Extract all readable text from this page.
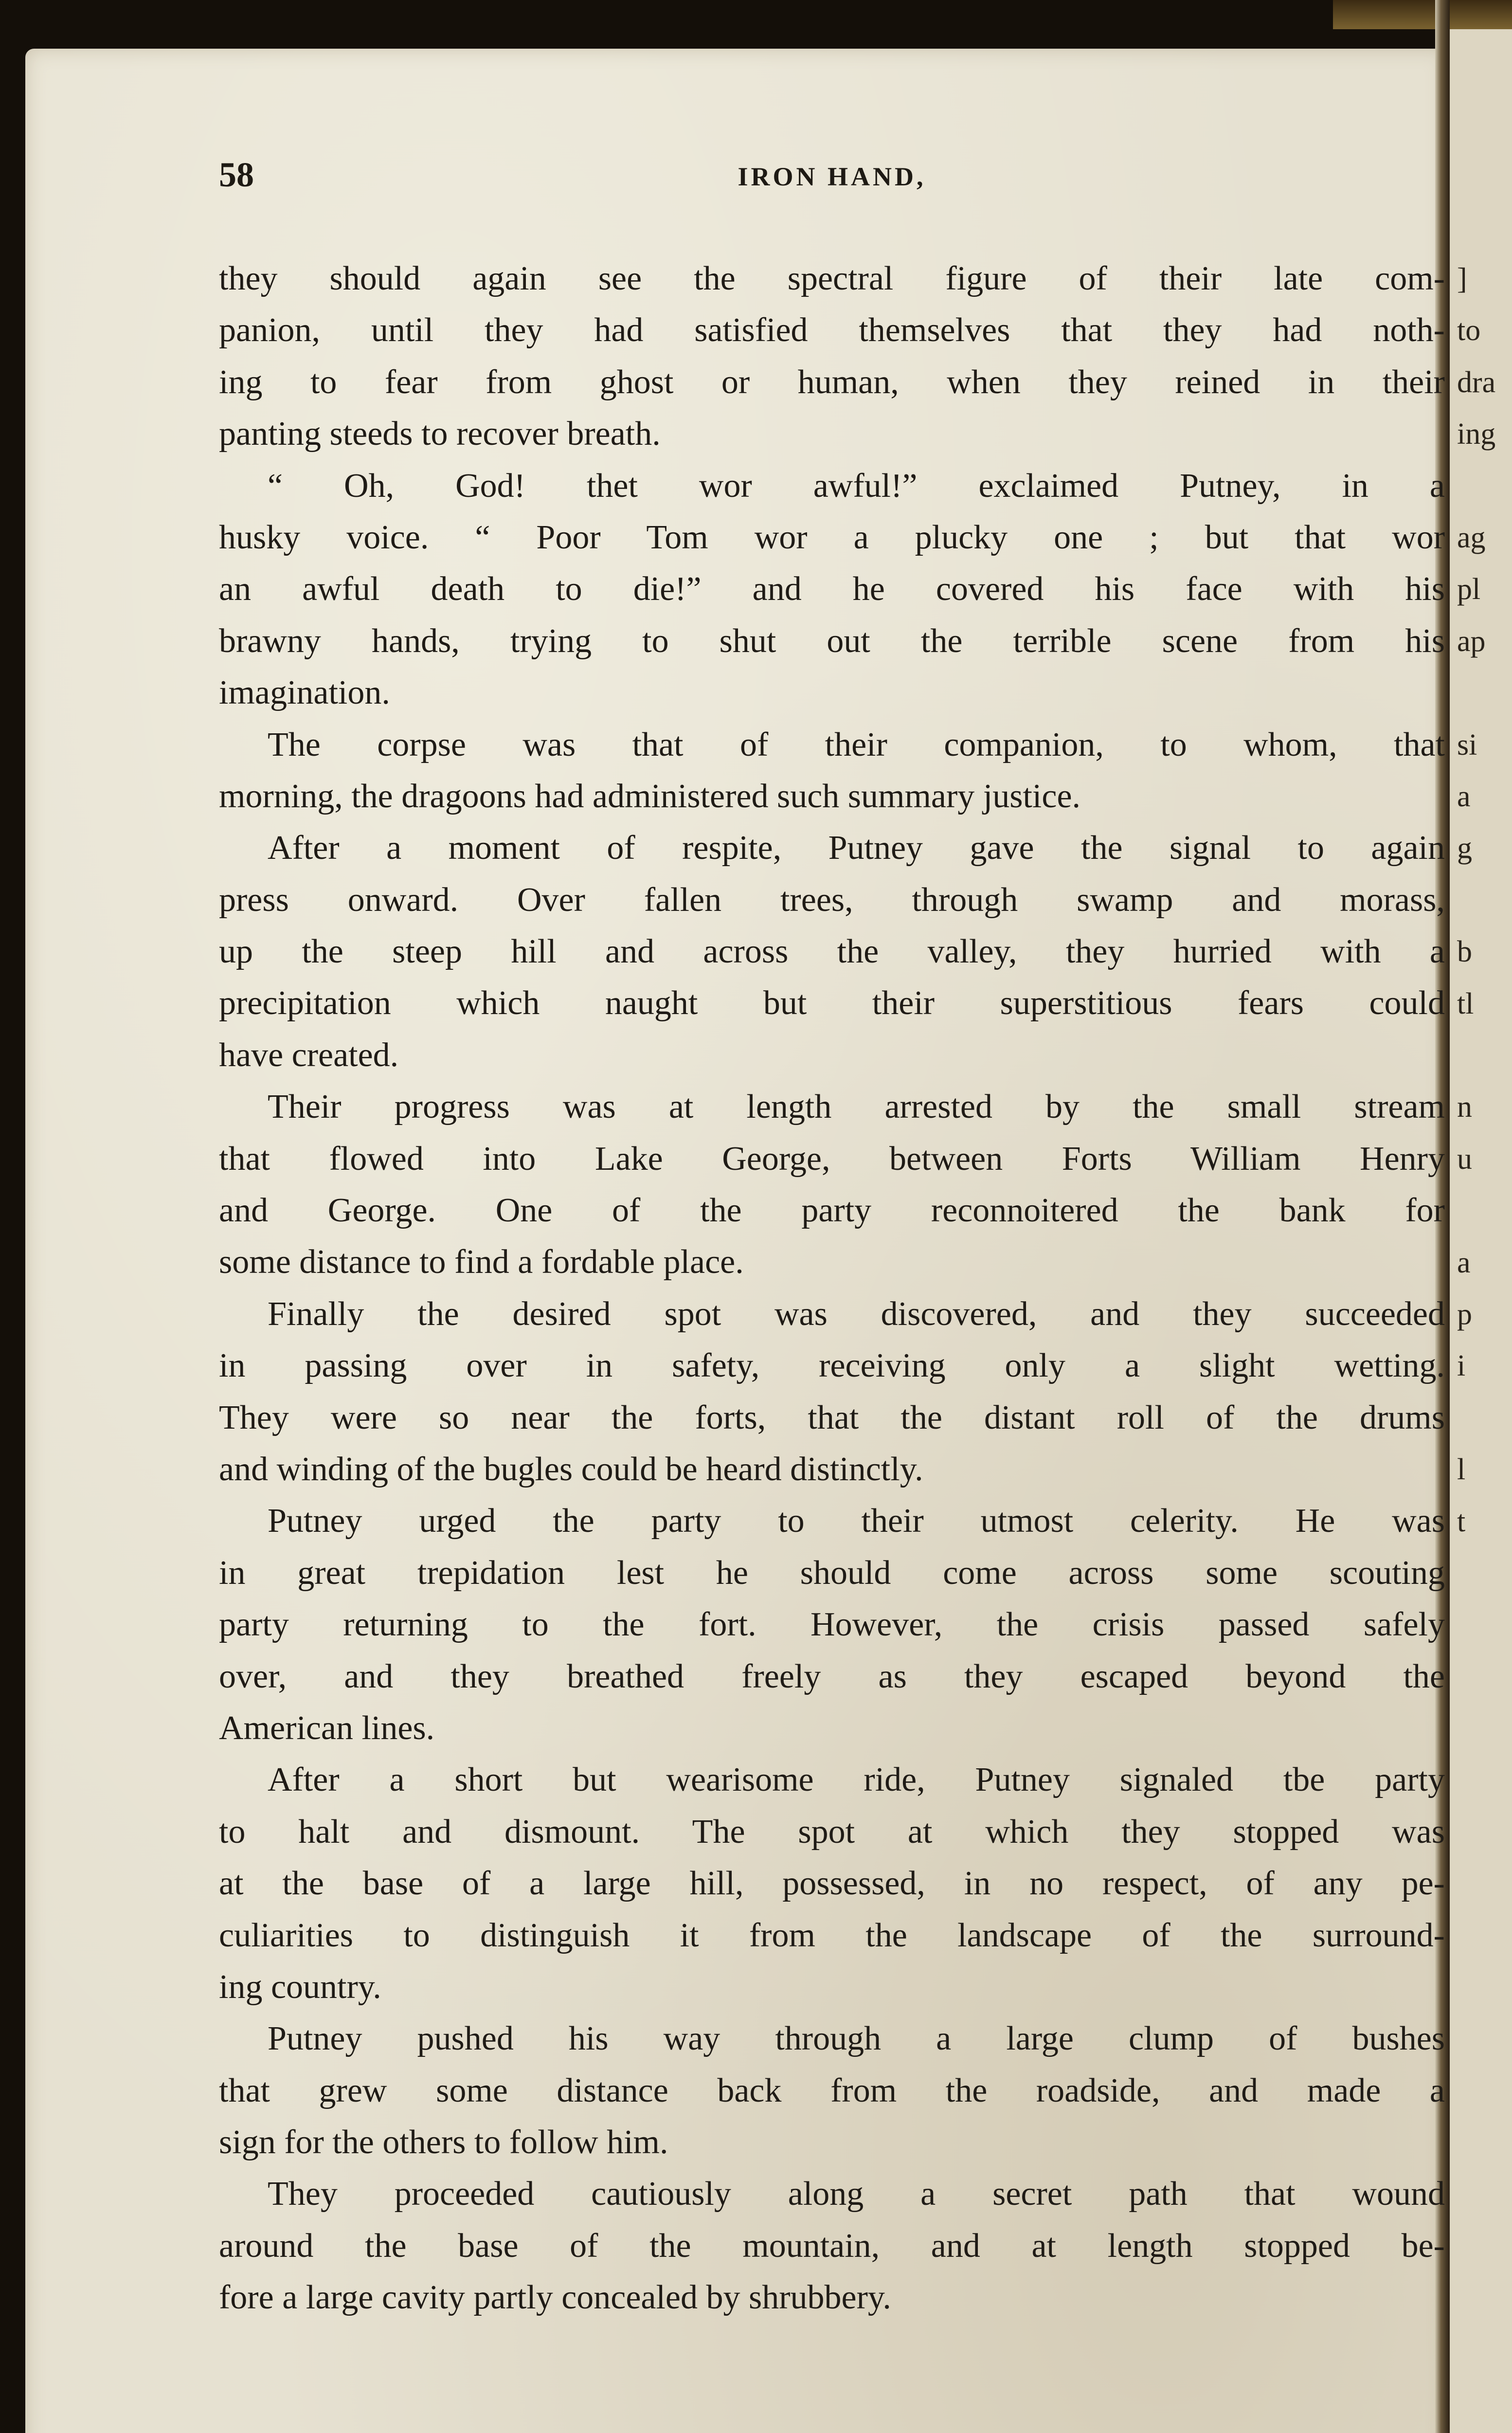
58	IRON HAND,
they should again see the spectral figure of their late com-
panion, until they had satisfied themselves that they had noth-
ing to fear from ghost or human, when they reined in their
panting steeds to recover breath.
“ Oh, God! thet wor awful!” exclaimed Putney, in a
husky voice. “ Poor Tom wor a plucky one ; but that wor
an awful death to die!” and he covered his face with his
brawny hands, trying to shut out the terrible scene from his
imagination.
The corpse was that of their companion, to whom, that
morning, the dragoons had administered such summary justice.
After a moment of respite, Putney gave the signal to again
press onward. Over fallen trees, through swamp and morass,
up the steep hill and across the valley, they hurried with a
precipitation which naught but their superstitious fears could
have created.
Their progress was at length arrested by the small stream
that flowed into Lake George, between Forts William Henry
and George. One of the party reconnoitered the bank for
some distance to find a fordable place.
Finally the desired spot was discovered, and they succeeded
in passing over in safety, receiving only a slight wetting.
They were so near the forts, that the distant roll of the drums
and winding of the bugles could be heard distinctly.
Putney urged the party to their utmost celerity. He was
in great trepidation lest he should come across some scouting
party returning to the fort. However, the crisis passed safely
over, and they breathed freely as they escaped beyond the
American lines.
After a short but wearisome ride, Putney signaled tbe party
to halt and dismount. The spot at which they stopped was
at the base of a large hill, possessed, in no respect, of any pe-
culiarities to distinguish it from the landscape of the surround-
ing country.
Putney pushed his way through a large clump of bushes
that grew some distance back from the roadside, and made a
sign for the others to follow him.
They proceeded cautiously along a secret path that wound
around the base of the mountain, and at length stopped be-
fore a large cavity partly concealed by shrubbery.
]
to
dra
ing
ag
pl
ap
si
a
g
b
tl
n
u
a
p
i
l
t
